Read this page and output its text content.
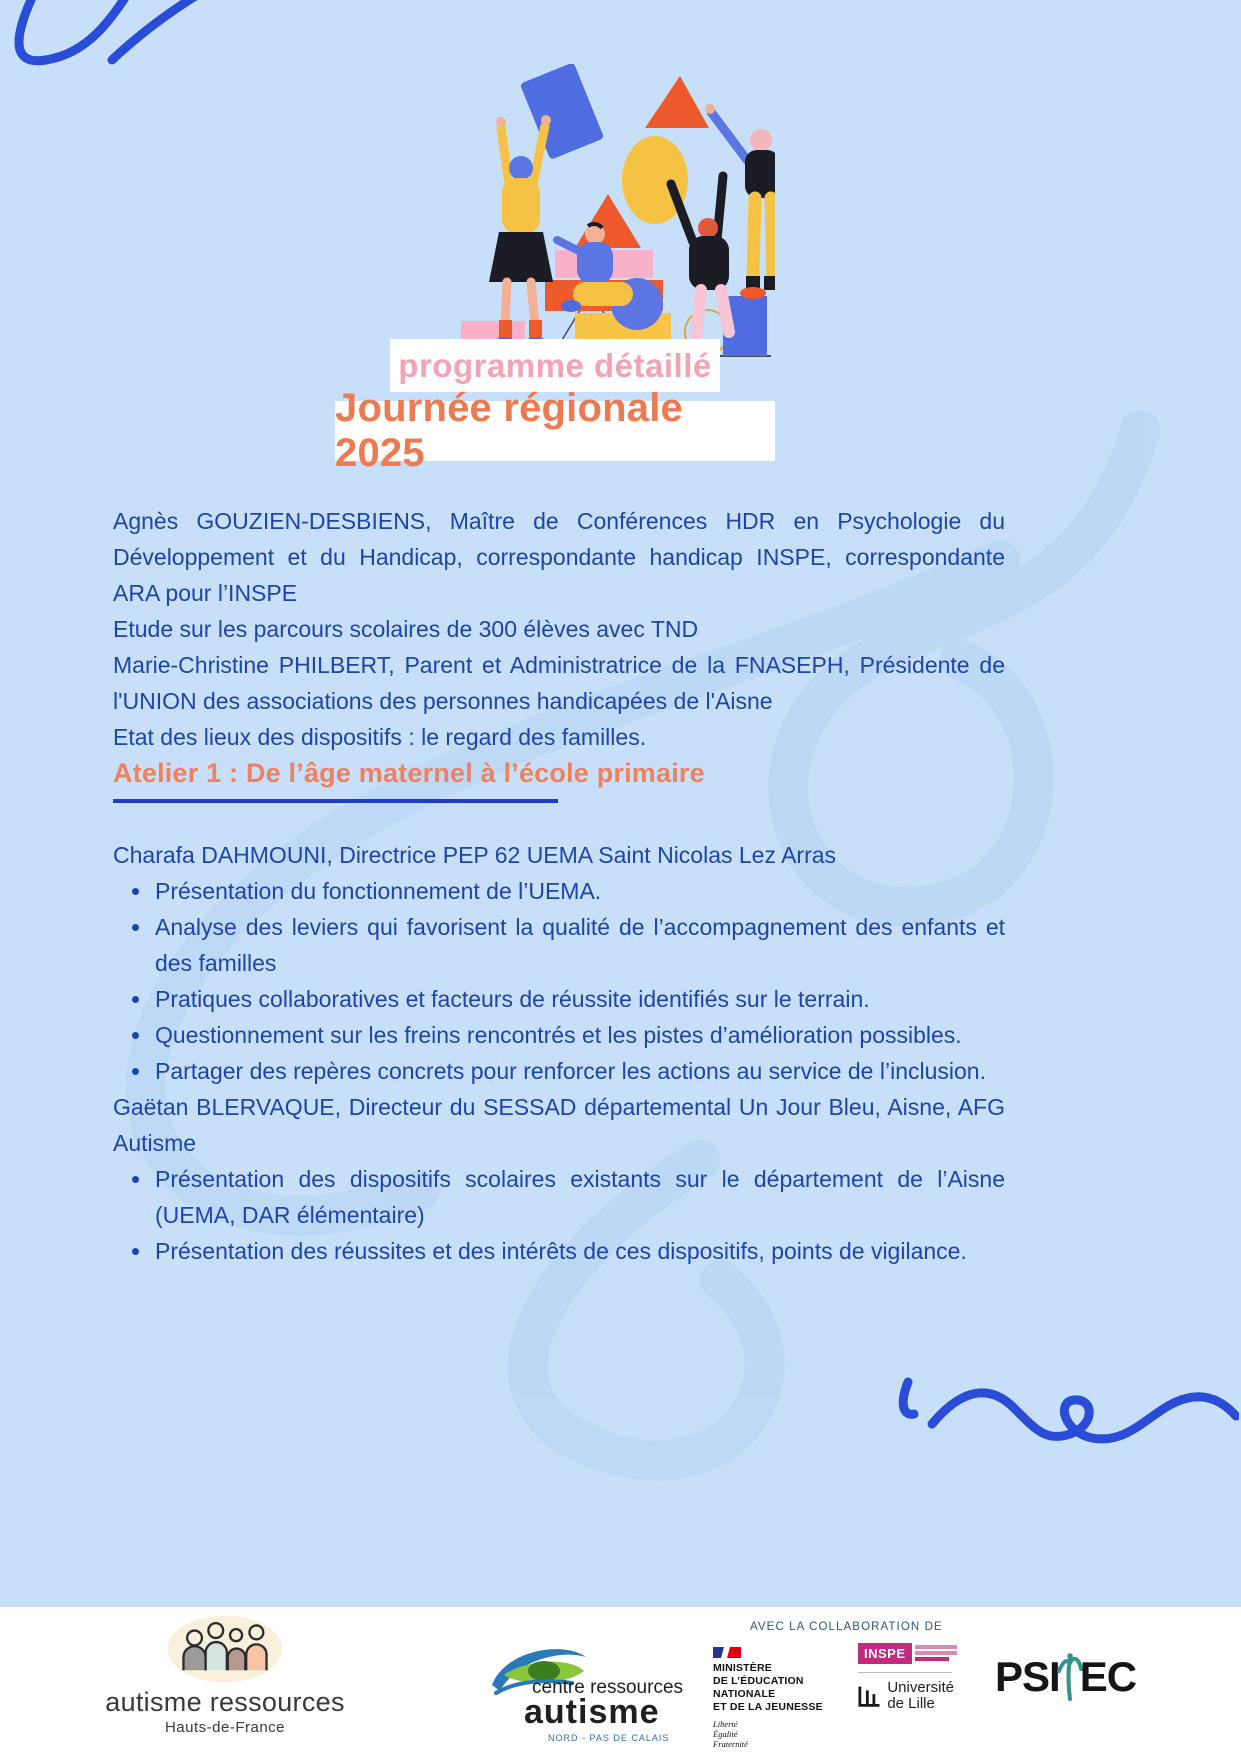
programme détaillé
Journée régionale 2025

Agnès GOUZIEN-DESBIENS, Maître de Conférences HDR en Psychologie du Développement et du Handicap, correspondante handicap INSPE, correspondante ARA pour l’INSPE

Etude sur les parcours scolaires de 300 élèves avec TND

Marie-Christine PHILBERT, Parent et Administratrice de la FNASEPH, Présidente de l'UNION des associations des personnes handicapées de l'Aisne

Etat des lieux des dispositifs : le regard des familles.

Atelier 1 : De l’âge maternel à l’école primaire

Charafa DAHMOUNI, Directrice PEP 62 UEMA Saint Nicolas Lez Arras

• Présentation du fonctionnement de l’UEMA.
• Analyse des leviers qui favorisent la qualité de l’accompagnement des enfants et des familles
• Pratiques collaboratives et facteurs de réussite identifiés sur le terrain.
• Questionnement sur les freins rencontrés et les pistes d’amélioration possibles.
• Partager des repères concrets pour renforcer les actions au service de l’inclusion.

Gaëtan BLERVAQUE, Directeur du SESSAD départemental Un Jour Bleu, Aisne, AFG Autisme

• Présentation des dispositifs scolaires existants sur le département de l’Aisne (UEMA, DAR élémentaire)
• Présentation des réussites et des intérêts de ces dispositifs, points de vigilance.
autisme ressources
Hauts-de-France
centre ressources
autisme
NORD - PAS DE CALAIS
AVEC LA COLLABORATION DE
MINISTÈRE
DE L’ÉDUCATION
NATIONALE
ET DE LA JEUNESSE
Liberté
Égalité
Fraternité
INSPE
Université
de Lille
PSI EC
